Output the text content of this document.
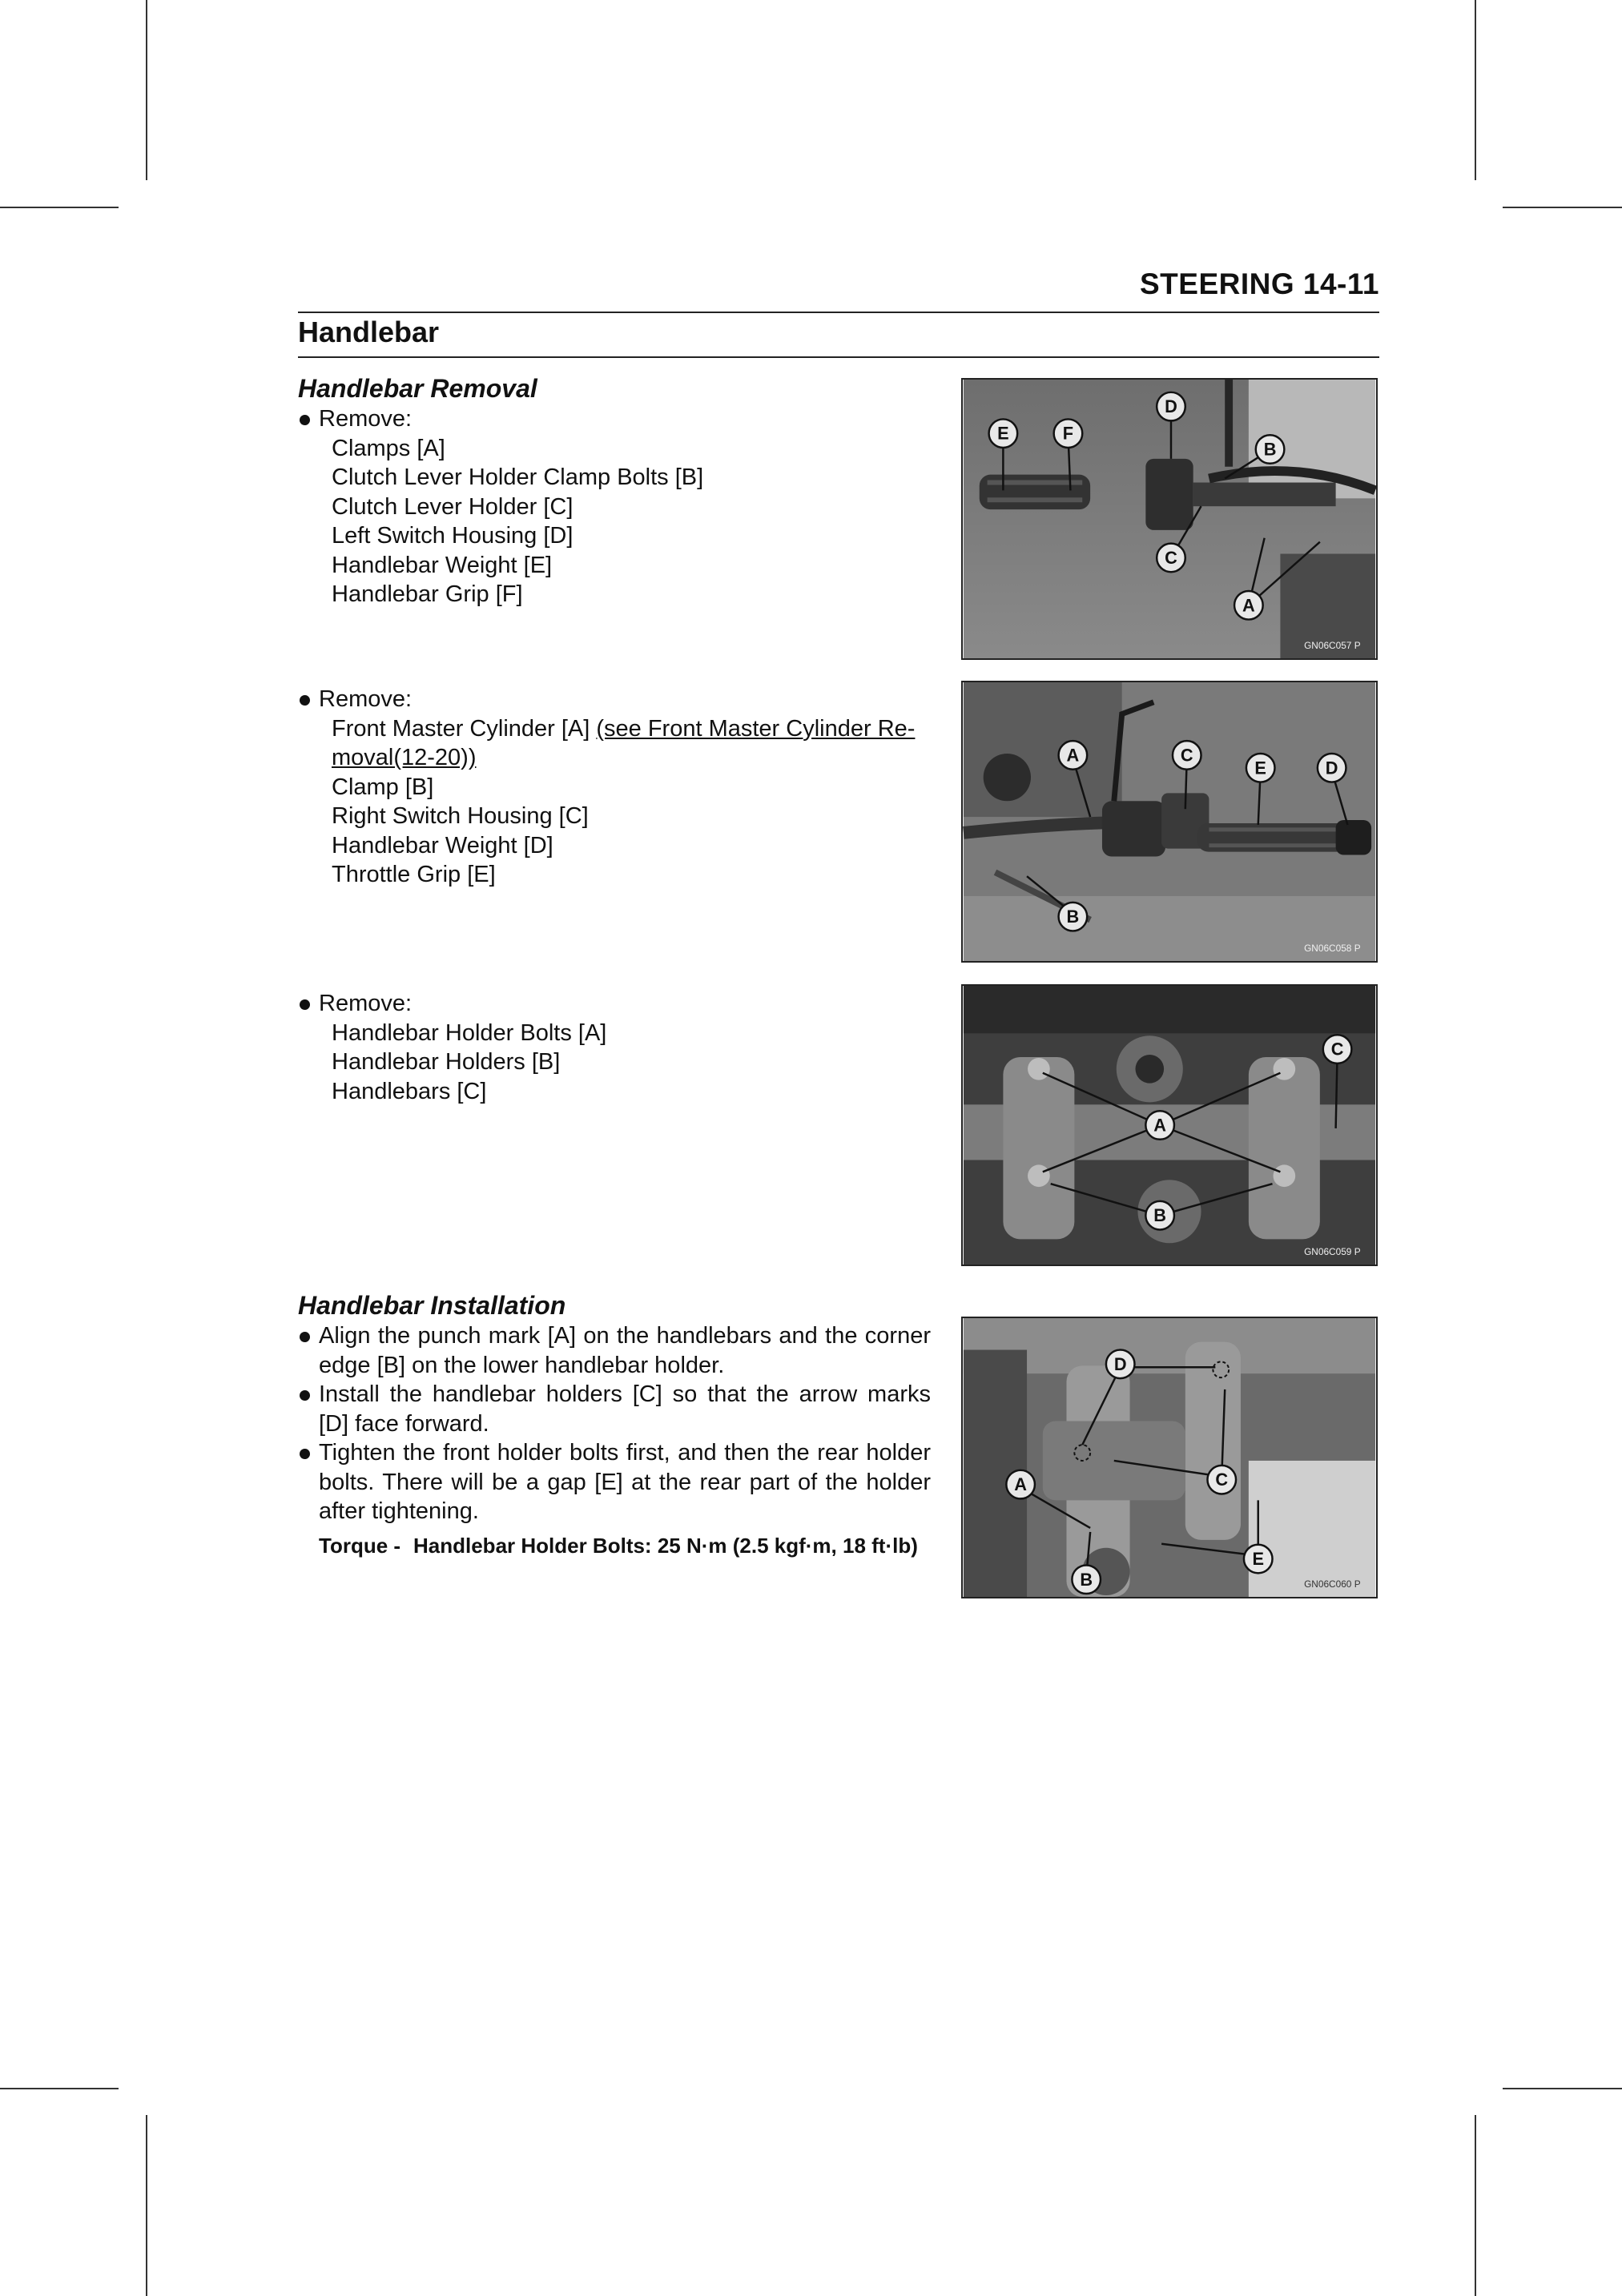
STEERING 14-11
Handlebar
Handlebar Removal
Remove:
Clamps [A]
Clutch Lever Holder Clamp Bolts [B]
Clutch Lever Holder [C]
Left Switch Housing [D]
Handlebar Weight [E]
Handlebar Grip [F]
Remove:
Front Master Cylinder [A] (see Front Master Cylinder Re-
moval(12-20))
Clamp [B]
Right Switch Housing [C]
Handlebar Weight [D]
Throttle Grip [E]
Remove:
Handlebar Holder Bolts [A]
Handlebar Holders [B]
Handlebars [C]
Handlebar Installation
Align the punch mark [A] on the handlebars and the corner edge [B] on the lower handlebar holder.
Install the handlebar holders [C] so that the arrow marks [D] face forward.
Tighten the front holder bolts first, and then the rear holder bolts. There will be a gap [E] at the rear part of the holder after tightening.
Torque - Handlebar Holder Bolts: 25 N·m (2.5 kgf·m, 18 ft·lb)
A
B
C
D
E	F
GN06C057 P
A
B
C
D
E
GN06C058 P
A
B
C
GN06C059 P
A
B
C
D
E
GN06C060 P
